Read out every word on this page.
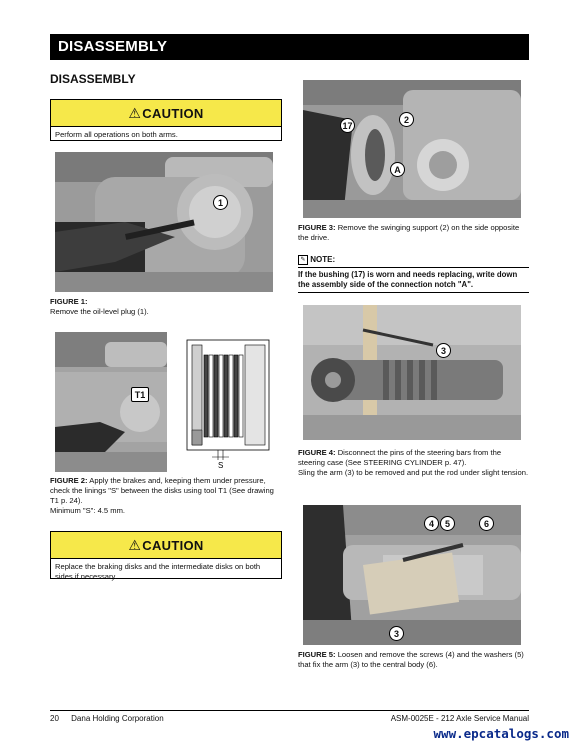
DISASSEMBLY
DISASSEMBLY
⚠ CAUTION
Perform all operations on both arms.
1
FIGURE 1:
Remove the oil-level plug (1).
T1
S
FIGURE 2: Apply the brakes and, keeping them under pressure, check the linings "S" between the disks using tool T1 (See drawing T1 p. 24).
Minimum "S": 4.5 mm.
⚠ CAUTION
Replace the braking disks and the intermediate disks on both sides if necessary.
17
2
A
FIGURE 3: Remove the swinging support (2) on the side opposite the drive.
✎ NOTE:
If the bushing (17) is worn and needs replacing, write down the assembly side of the connection notch "A".
3
FIGURE 4: Disconnect the pins of the steering bars from the steering case (See STEERING CYLINDER p. 47).
Sling the arm (3) to be removed and put the rod under slight tension.
4	5	6
3
FIGURE 5: Loosen and remove the screws (4) and the washers (5) that fix the arm (3) to the central body (6).
20 Dana Holding Corporation	ASM-0025E - 212 Axle Service Manual
www.epcatalogs.com
